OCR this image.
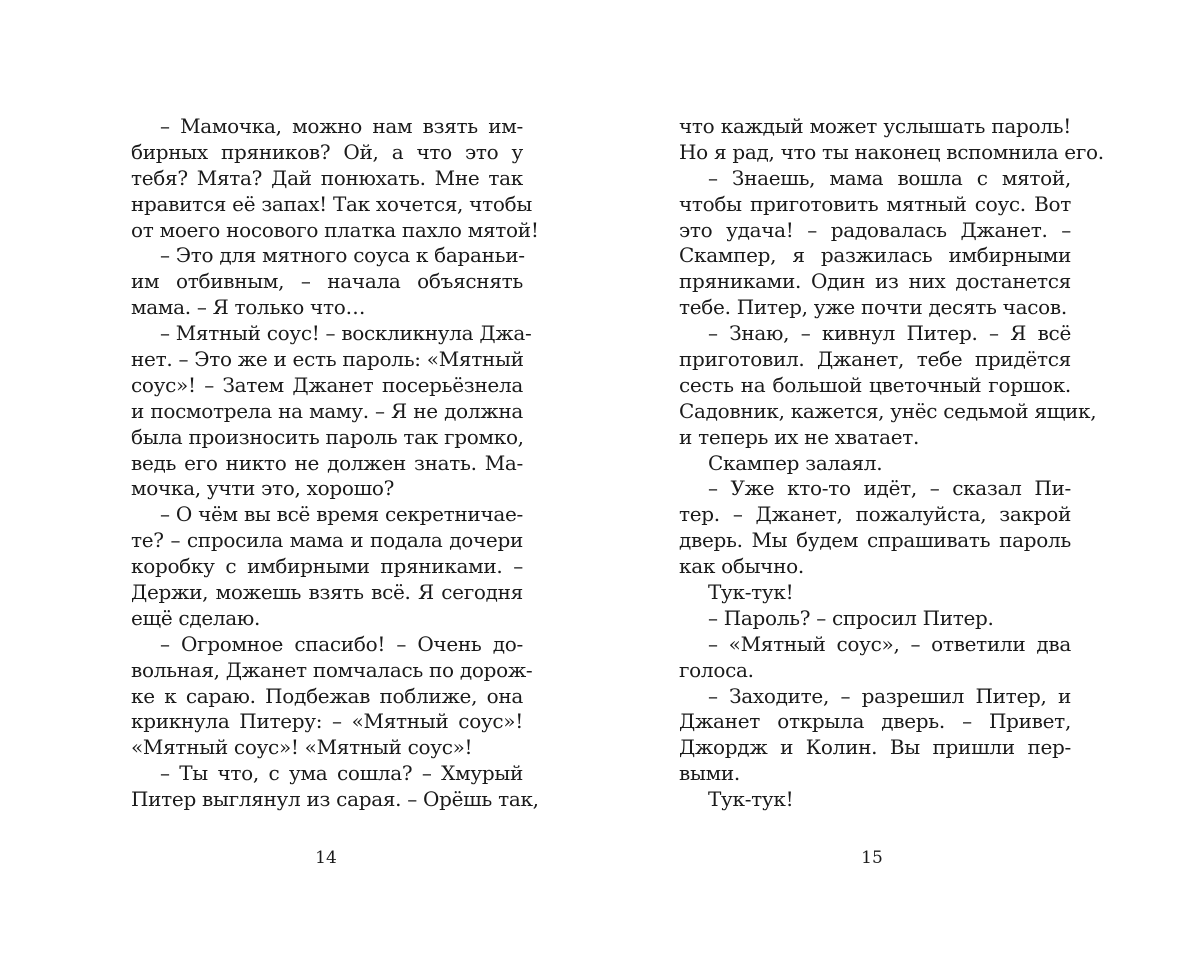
– Мамочка, можно нам взять им-
бирных пряников? Ой, а что это у
тебя? Мята? Дай понюхать. Мне так
нравится её запах! Так хочется, чтобы
от моего носового платка пахло мятой!
– Это для мятного соуса к бараньи-
им отбивным, – начала объяснять
мама. – Я только что…
– Мятный соус! – воскликнула Джа-
нет. – Это же и есть пароль: «Мятный
соус»! – Затем Джанет посерьёзнела
и посмотрела на маму. – Я не должна
была произносить пароль так громко,
ведь его никто не должен знать. Ма-
мочка, учти это, хорошо?
– О чём вы всё время секретничае-
те? – спросила мама и подала дочери
коробку с имбирными пряниками. –
Держи, можешь взять всё. Я сегодня
ещё сделаю.
– Огромное спасибо! – Очень до-
вольная, Джанет помчалась по дорож-
ке к сараю. Подбежав поближе, она
крикнула Питеру: – «Мятный соус»!
«Мятный соус»! «Мятный соус»!
– Ты что, с ума сошла? – Хмурый
Питер выглянул из сарая. – Орёшь так,
14
что каждый может услышать пароль!
Но я рад, что ты наконец вспомнила его.
– Знаешь, мама вошла с мятой,
чтобы приготовить мятный соус. Вот
это удача! – радовалась Джанет. –
Скампер, я разжилась имбирными
пряниками. Один из них достанется
тебе. Питер, уже почти десять часов.
– Знаю, – кивнул Питер. – Я всё
приготовил. Джанет, тебе придётся
сесть на большой цветочный горшок.
Садовник, кажется, унёс седьмой ящик,
и теперь их не хватает.
Скампер залаял.
– Уже кто-то идёт, – сказал Пи-
тер. – Джанет, пожалуйста, закрой
дверь. Мы будем спрашивать пароль
как обычно.
Тук-тук!
– Пароль? – спросил Питер.
– «Мятный соус», – ответили два
голоса.
– Заходите, – разрешил Питер, и
Джанет открыла дверь. – Привет,
Джордж и Колин. Вы пришли пер-
выми.
Тук-тук!
15
